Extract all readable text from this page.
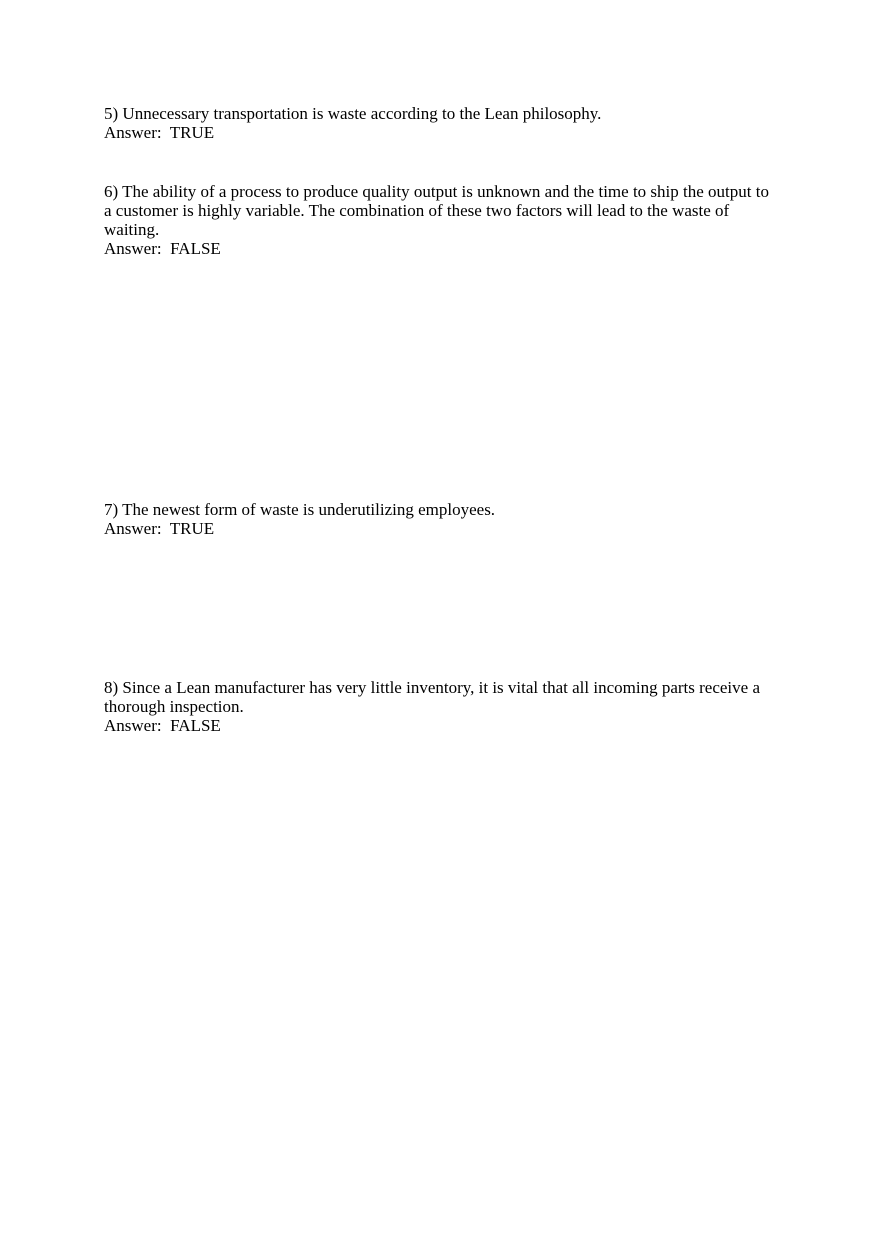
5) Unnecessary transportation is waste according to the Lean philosophy.

Answer:  TRUE

6) The ability of a process to produce quality output is unknown and the time to ship the output to a customer is highly variable. The combination of these two factors will lead to the waste of waiting.

Answer:  FALSE

7) The newest form of waste is underutilizing employees.

Answer:  TRUE

8) Since a Lean manufacturer has very little inventory, it is vital that all incoming parts receive a thorough inspection.

Answer:  FALSE
